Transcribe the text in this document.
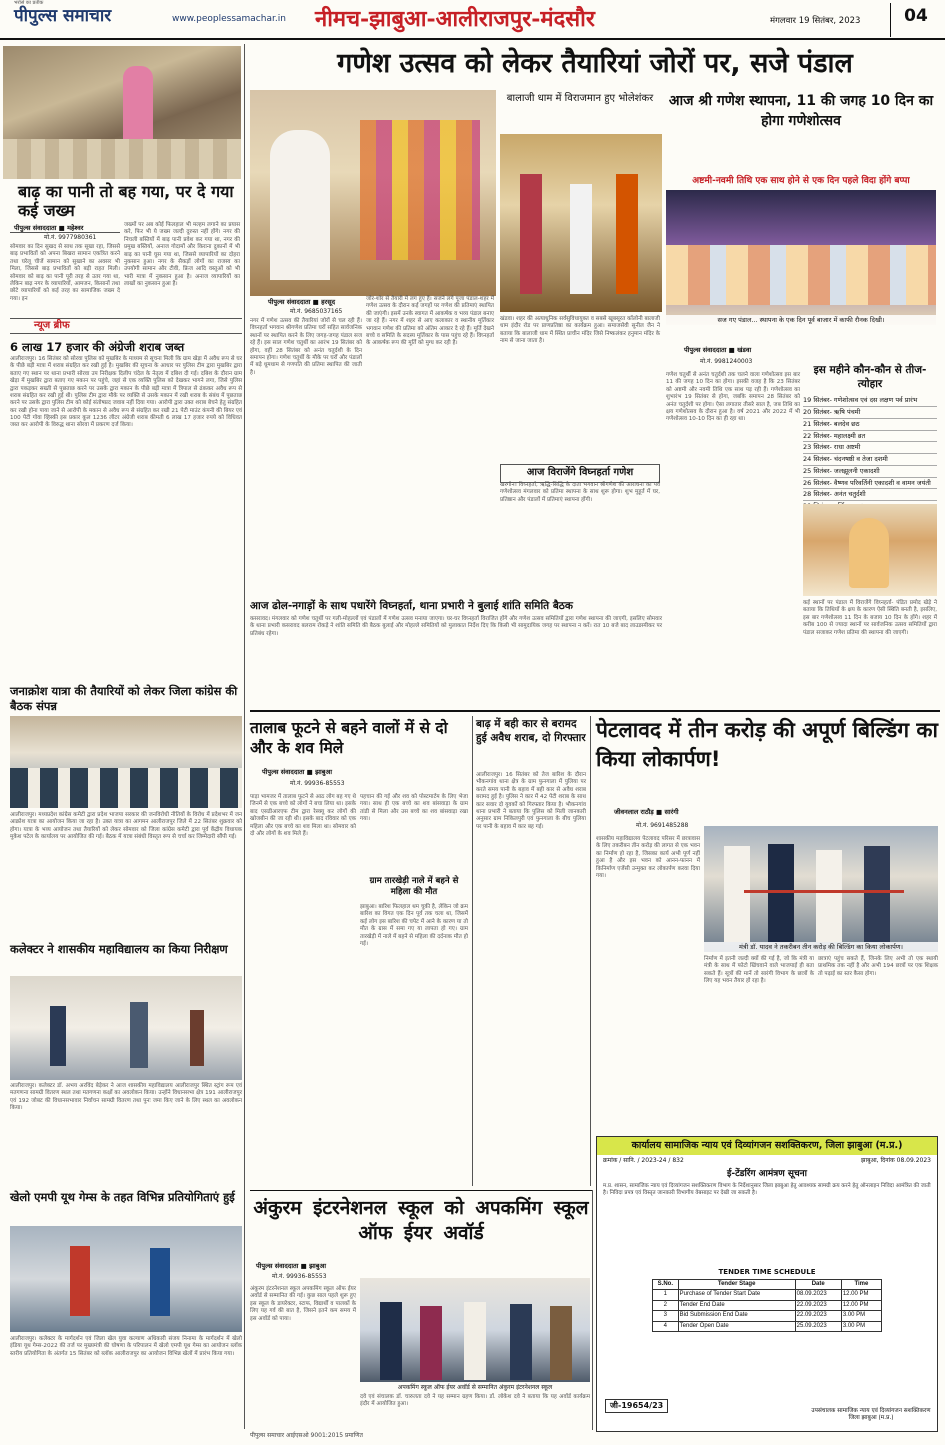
पीपुल्स समाचार
भरोसे का प्रतीक
www.peoplessamachar.in नीमच-झाबुआ-आलीराजपुर-मंदसौर	मंगलवार 19 सितंबर, 2023	04
बाढ़ का पानी तो बह गया, पर दे गया कई जख्म
पीपुल्स संवाददाता ■ महेश्वर
मो.नं. 9977980361
सोमवार का दिन सुखद से साथ तक सूखा रहा, जिससे बाढ़ प्रभावितों को अपना बिखरा सामान एकत्रित करने तथा घरेलू चीजें सामान को सुखाने का अवसर भी मिला, जिससे बाढ़ प्रभावितों को बड़ी राहत मिली। सोमवार को बाढ़ का पानी पूरी तरह से उतर गया था, लेकिन बाढ़ नगर के व्यापारियों, आमजन, किसानों तथा छोटे व्यापारियों को कई तरह का सामाजिक जख्म दे गया। इन
जख्मों पर अब कोई फिलहाल भी मल्हम लगाने का प्रयास करे, फिर भी ये जख्म जल्दी दुरुस्त नहीं होंगे। नगर की निचली बस्तियों में बाढ़ पानी प्रवेश कर गया था, नगर की प्रमुख बस्तियों, अनाज गोदामों और किराना दुकानों में भी बाढ़ का पानी घुस गया था, जिससे व्यापारियों का दोहरा नुकसान हुआ। नगर के सैकड़ों लोगों का राजस्व का उपयोगी सामान और टीवी, फ्रिज आदि वस्तुओं को भी भारी मात्रा में नुकसान हुआ है। अनाज व्यापारियों का लाखों का नुकसान हुआ है।
न्यूज ब्रीफ
6 लाख 17 हजार की अंग्रेजी शराब जब्त
आलीराजपुर। 16 सितंबर को सोरवा पुलिस को मुखबिर के माध्यम से सूचना मिली कि ग्राम खेड़ा में अवैध रूप से घर के पीछे बड़ी मात्रा में शराब संग्रहित कर रखी हुई है। मुखबिर की सूचना के आधार पर पुलिस टीम द्वारा मुखबिर द्वारा बताए गए स्थान पर थाना प्रभारी सोरवा उप निरीक्षक दिलीप चंदेल के नेतृत्व में दबिश दी गई। दबिश के दौरान ग्राम खेड़ा में मुखबिर द्वारा बताए गए मकान पर पहुंचे, जहां से एक व्यक्ति पुलिस को देखकर भागने लगा, जिसे पुलिस द्वारा पकड़कर सख्ती से पूछताछ करने पर उसके द्वारा मकान के पीछे बड़ी मात्रा में त्रिपाल से ढंककर अवैध रूप से शराब संग्रहित कर रखी हुई थी। पुलिस टीम द्वारा मौके पर व्यक्ति से उसके मकान में रखी शराब के संबंध में पूछताछ करने पर उसके द्वारा पुलिस टीम को कोई संतोषप्रद जवाब नहीं दिया गया। आरोपी द्वारा उक्त शराब बेचने हेतु संग्रहित कर रखी होना पाया जाने से आरोपी के मकान से अवैध रूप से संग्रहित कर रखी 21 पेटी माउंट कंपनी की बियर एवं 100 पेटी गोवा व्हिस्की इस प्रकार कुल 1236 लीटर अंग्रेजी शराब कीमती 6 लाख 17 हजार रुपये को विधिवत जब्त कर आरोपी के विरुद्ध थाना सोरवा में प्रकरण दर्ज किया।
जनाक्रोश यात्रा की तैयारियों को लेकर जिला कांग्रेस की बैठक संपन्न
आलीराजपुर। मध्यप्रदेश कांग्रेस कमेटी द्वारा प्रदेश भाजपा सरकार की जनविरोधी नीतियों के विरोध में प्रदेशभर में जन आक्रोश यात्रा का आयोजन किया जा रहा है। उक्त यात्रा का आगमन आलीराजपुर जिले में 22 सितंबर शुक्रवार को होगा। यात्रा के भव्य आयोजन तथा तैयारियों को लेकर सोमवार को जिला कांग्रेस कमेटी द्वारा पूर्व केंद्रीय विधायक मुकेश पटेल के कार्यालय पर आयोजित की गई। बैठक में यात्रा संबंधी विस्तृत रूप से चर्चा कर जिम्मेदारी सौंपी गई।
कलेक्टर ने शासकीय महाविद्यालय का किया निरीक्षण
आलीराजपुर। कलेक्टर डॉ. अभय अरविंद बेड़ेकर ने आज शासकीय महाविद्यालय आलीराजपुर स्थित स्ट्रांग रूम एवं मतगणना सामग्री वितरण स्थल तथा मतगणना कक्षों का अवलोकन किया। उन्होंने विधानसभा क्षेत्र 191 आलीराजपुर एवं 192 जोबट की विधानसभावार निर्वाचन सामग्री वितरण तथा पुनः जमा किए जाने के लिए स्थल का अवलोकन किया।
खेलो एमपी यूथ गेम्स के तहत विभिन्न प्रतियोगिताएं हुई
आलीराजपुर। कलेक्टर के मार्गदर्शन एवं जिला खेल युवा कल्याण अधिकारी संजय निनामा के मार्गदर्शन में खेलो इंडिया यूथ गेम्स-2022 की तर्ज पर मुख्यमंत्री की घोषणा के परिपालन में खेलो एमपी यूथ गेम्स का आयोजन ब्लॉक स्तरीय प्रतियोगिता के अंतर्गत 15 सितंबर को ब्लॉक आलीराजपुर का आयोजन विभिन्न खेलों में प्रारंभ किया गया।
गणेश उत्सव को लेकर तैयारियां जोरों पर, सजे पंडाल
बालाजी धाम में विराजमान हुए भोलेशंकर	आज श्री गणेश स्थापना, 11 की जगह 10 दिन का होगा गणेशोत्सव
अष्टमी-नवमी तिथि एक साथ होने से एक दिन पहले विदा होंगे बप्पा
सज गए पंडाल... स्थापना के एक दिन पूर्व बाजार में काफी रौनक दिखी।
पीपुल्स संवाददाता ■ हरसूद
मो.नं. 9685037165
नगर में गणेश उत्सव की तैयारियां जोरों से चल रही हैं। विघ्नहर्ता भगवान श्रीगणेश प्रतिमा घरों सहित सार्वजनिक स्थानों पर स्थापित करने के लिए जगह-जगह पंडाल सज रहे हैं। इस साल गणेश चतुर्थी का आरंभ 19 सितंबर को होगा, वहीं 28 सितंबर को अनंत चतुर्दशी के दिन समापन होगा। गणेश चतुर्थी के मौके पर घरों और पंडालों में बड़े धूमधाम से गणपति की प्रतिमा स्थापित की जाती है।
जोर-शोर से तैयारी में लग हुए हैं। सजने लगे पूजा पंडाल-शहर में गणेश उत्सव के दौरान कई जगहों पर गणेश की प्रतिमाएं स्थापित की जाएंगी। इसमें उनके स्वागत में आकर्षक व भव्य पंडाल बनाए जा रहे हैं। नगर में शहर से आए कलाकार व स्थानीय मूर्तिकार भगवान गणेश की प्रतिमा को अंतिम आकार दे रहे हैं। मूर्ति देखने बच्चे व समिति के सदस्य मूर्तिकार के पास पहुंच रहे हैं। विघ्नहर्ता के आकर्षक रूप की मूर्ति को मुग्ध कर रही है।
खंडवा। शहर की अत्याधुनिक सर्वसुविधायुक्त व सबसे खूबसूरत कॉलोनी बालाजी धाम इंदौर रोड पर प्राणप्रतिष्ठा का कार्यक्रम हुआ। समाजसेवी सुनील जैन ने बताया कि बालाजी धाम में स्थित प्राचीन मंदिर जिसे निष्कलंकर हनुमान मंदिर के नाम से जाना जाता है।
आज विराजेंगे विघ्नहर्ता गणेश
खरगोन। विघ्नहर्ता, ऋद्धि-सिद्धि के दाता भगवान श्रीगणेश की आराधना का पर्व गणेशोत्सव मंगलवार को प्रतिमा स्थापना के साथ शुरू होगा। शुभ मुहूर्त में घर, प्रतिष्ठान और पंडालों में प्रतिमाएं स्थापना होंगी।
पीपुल्स संवाददाता ■ खंडवा
मो.नं. 9981240003
गणेश चतुर्थी से अनंत चतुर्दशी तक चलने वाला गणेशोत्सव इस बार 11 की जगह 10 दिन का होगा। इसकी वजह है कि 23 सितंबर को अष्टमी और नवमी तिथि एक साथ पड़ रही हैं। गणेशोत्सव का शुभारंभ 19 सितंबर से होगा, जबकि समापन 28 सितंबर को अनंत चतुर्दशी पर होगा। ऐसा लगातार तीसरे साल है, जब तिथि का क्षय गणेशोत्सव के दौरान हुआ है। वर्ष 2021 और 2022 में भी गणेशोत्सव 10-10 दिन का ही रहा था।
इस महीने कौन-कौन से तीज-त्योहार
19 सितंबर- गणेशोत्सव एवं दस लक्षण पर्व प्रारंभ
20 सितंबर- ऋषि पंचमी
21 सितंबर- बलदेव छठ
22 सितंबर- महालक्ष्मी व्रत
23 सितंबर- राधा अष्टमी
24 सितंबर- चंदनषष्ठी व तेजा दशमी
25 सितंबर- जलझूलनी एकादशी
26 सितंबर- वैष्णव परिवर्तिनी एकादशी व वामन जयंती
28 सितंबर- अनंत चतुर्दशी
आज ढोल-नगाड़ों के साथ पधारेंगे विघ्नहर्ता, थाना प्रभारी ने बुलाई शांति समिति बैठक
कसरावद। मंगलवार को गणेश चतुर्थी पर गली-मोहल्लों एवं पंडालों में गणेश उत्सव मनाया जाएगा। घर-घर विघ्नहर्ता विराजित होंगे और गणेश उत्सव समितियों द्वारा गणेश स्थापना की जाएगी, इसलिए सोमवार के थाना प्रभारी कसरावद बलराम रोकड़े ने शांति समिति की बैठक बुलाई और मोहल्ले समितियों को मुलाकात निर्देश दिए कि किसी भी सामुदायिक जगह पर स्थापना न करें। रात 10 बजे बाद लाउडस्पीकर पर प्रतिबंध रहेगा।
कई स्थानों पर पंडाल में विराजेंगे विघ्नहर्ता- पंडित प्रमोद खेड़े ने बताया कि तिथियों के क्षय के कारण ऐसी स्थिति बनती है, इसलिए, इस बार गणेशोत्सव 11 दिन के बजाय 10 दिन के होंगे। शहर में करीब 100 से ज्यादा स्थानों पर सार्वजनिक उत्सव समितियों द्वारा पंडाल सजाकर गणेश प्रतिमा की स्थापना की जाएगी।
तालाब फूटने से बहने वालों में से दो और के शव मिले
पीपुल्स संवाददाता ■ झाबुआ
मो.नं. 99936-85553
पाड़ा भामजर में तालाब फूटने से आठ लोग बह गए थे जिनमें से एक बच्चे को लोगों ने बचा लिया था। इसके बाद एसडीआरएफ टीम द्वारा रेस्क्यू कर लोगों की खोजबीन की जा रही थी। इसके बाद रविवार को एक महिला और एक बच्चे का शव मिला था। सोमवार को दो और लोगों के शव मिले हैं।
पहचान की गई और शव को पोस्टमार्टम के लिए भेजा गया। साथ ही एक बच्चे का शव बांसवाड़ा के ग्राम तांडी से मिला और उस बच्चे का शव बांसवाड़ा रखा गया।
ग्राम तारखेड़ी नाले में बहने से महिला की मौत
झाबुआ। बारिश फिलहाल थम चुकी है, लेकिन जो क्रम बारिश का विगत एक दिन पूर्व तक चला था, जिसमें कई लोग इस बारिश की चपेट में आने के कारण या तो मौत के ग्रास में समा गए या लापता हो गए। ग्राम तारखेड़ी में नाले में बहने से महिला की दर्दनाक मौत हो गई।
बाढ़ में बही कार से बरामद हुई अवैध शराब, दो गिरफ्तार
आलीराजपुर। 16 सितंबर को तेज बारिश के दौरान भौकनगांव थाना क्षेत्र के ग्राम फुनगाला में पुलिया पर करते समय पानी के बहाव में बही कार से अवैध शराब बरामद हुई है। पुलिस ने कार में 42 पेटी शराब के साथ कार सवार दो युवकों को गिरफ्तार किया है। भौकनगांव थाना प्रभारी ने बताया कि पुलिस को मिली जानकारी अनुसार ग्राम निकिलपुरी एवं फुनगाला के बीच पुलिया पर पानी के बहाव में कार बह गई।
पेटलावद में तीन करोड़ की अपूर्ण बिल्डिंग का किया लोकार्पण!
जीवनलाल राठौड़ ■ सारंगी
मो.नं. 9691485288
शासकीय महाविद्यालय पेटलावद परिसर में छात्रावास के लिए तकरीबन तीन करोड़ की लागत से एक भवन का निर्माण हो रहा है, जिसका कार्य अभी पूर्ण नहीं हुआ है और इस भवन को आनन-फानन में किनिर्माण एजेंसी उन्मुक्त कर लोकार्पण करवा दिया गया।
मंत्री डॉ. यादव ने तकरीबन तीन करोड़ की बिल्डिंग का किया लोकार्पण।
निर्माण में इतनी जल्दी क्यों की गई है, जो कि मंत्री या मंत्री के साथ में फोटो खिंचवाने वाले भाजपाई ही बता सकते हैं। सूत्रों की मानें तो सारंगी विभाग के छात्रों के लिए यह भवन तैयार हो रहा है।
छात्राएं पहुंच सकते हैं, जिनके लिए अभी तो एक स्थायी प्राथमिक तक नहीं है और अभी 194 छात्रों पर एक शिक्षक तो पढ़ाई का स्तर कैसा होगा।
कार्यालय सामाजिक न्याय एवं दिव्यांगजन सशक्तिकरण, जिला झाबुआ (म.प्र.)
क्रमांक / सानि. / 2023-24 / 832	झाबुआ, दिनांक 08.09.2023
ई-टेंडरिंग आमंत्रण सूचना
म.प्र. शासन, सामाजिक न्याय एवं दिव्यांगजन सशक्तिकरण विभाग के निर्देशानुसार जिला झाबुआ हेतु आवश्यक सामग्री क्रय करने हेतु ऑनलाइन निविदा आमंत्रित की जाती है। निविदा प्रपत्र एवं विस्तृत जानकारी विभागीय वेबसाइट पर देखी जा सकती है।
TENDER TIME SCHEDULE
S.No.	Tender Stage	Date	Time
1	Purchase of Tender Start Date	08.09.2023	12.00 PM
2	Tender End Date	22.09.2023	12.00 PM
3	Bid Submission End Date	22.09.2023	3.00 PM
4	Tender Open Date	25.09.2023	3.00 PM
जी-19654/23
उपसंचालक सामाजिक न्याय एवं दिव्यांगजन सशक्तिकरण जिला झाबुआ (म.प्र.)
अंकुरम इंटरनेशनल स्कूल को अपकमिंग स्कूल ऑफ ईयर अवॉर्ड
पीपुल्स संवाददाता ■ झाबुआ
मो.नं. 99936-85553
अंकुरम इंटरनेशनल स्कूल अपकमिंग स्कूल ऑफ ईयर अवॉर्ड से सम्मानित की गई। कुछ साल पहले शुरू हुए इस स्कूल के डायरेक्टर, स्टाफ, विद्यार्थी व पालकों के लिए यह गर्व की बात है, जिसने इतने कम समय में इस अवॉर्ड को पाया।
अपकमिंग स्कूल ऑफ ईयर अवॉर्ड से सम्मानित अंकुरम इंटरनेशनल स्कूल
दवे एवं संचालक डॉ. चारुलता दवे ने यह सम्मान ग्रहण किया। डॉ. लोकेश दवे ने बताया कि यह अवॉर्ड कार्यक्रम इंदौर में आयोजित हुआ।
पीपुल्स समाचार आईएसओ 9001:2015 प्रमाणित
